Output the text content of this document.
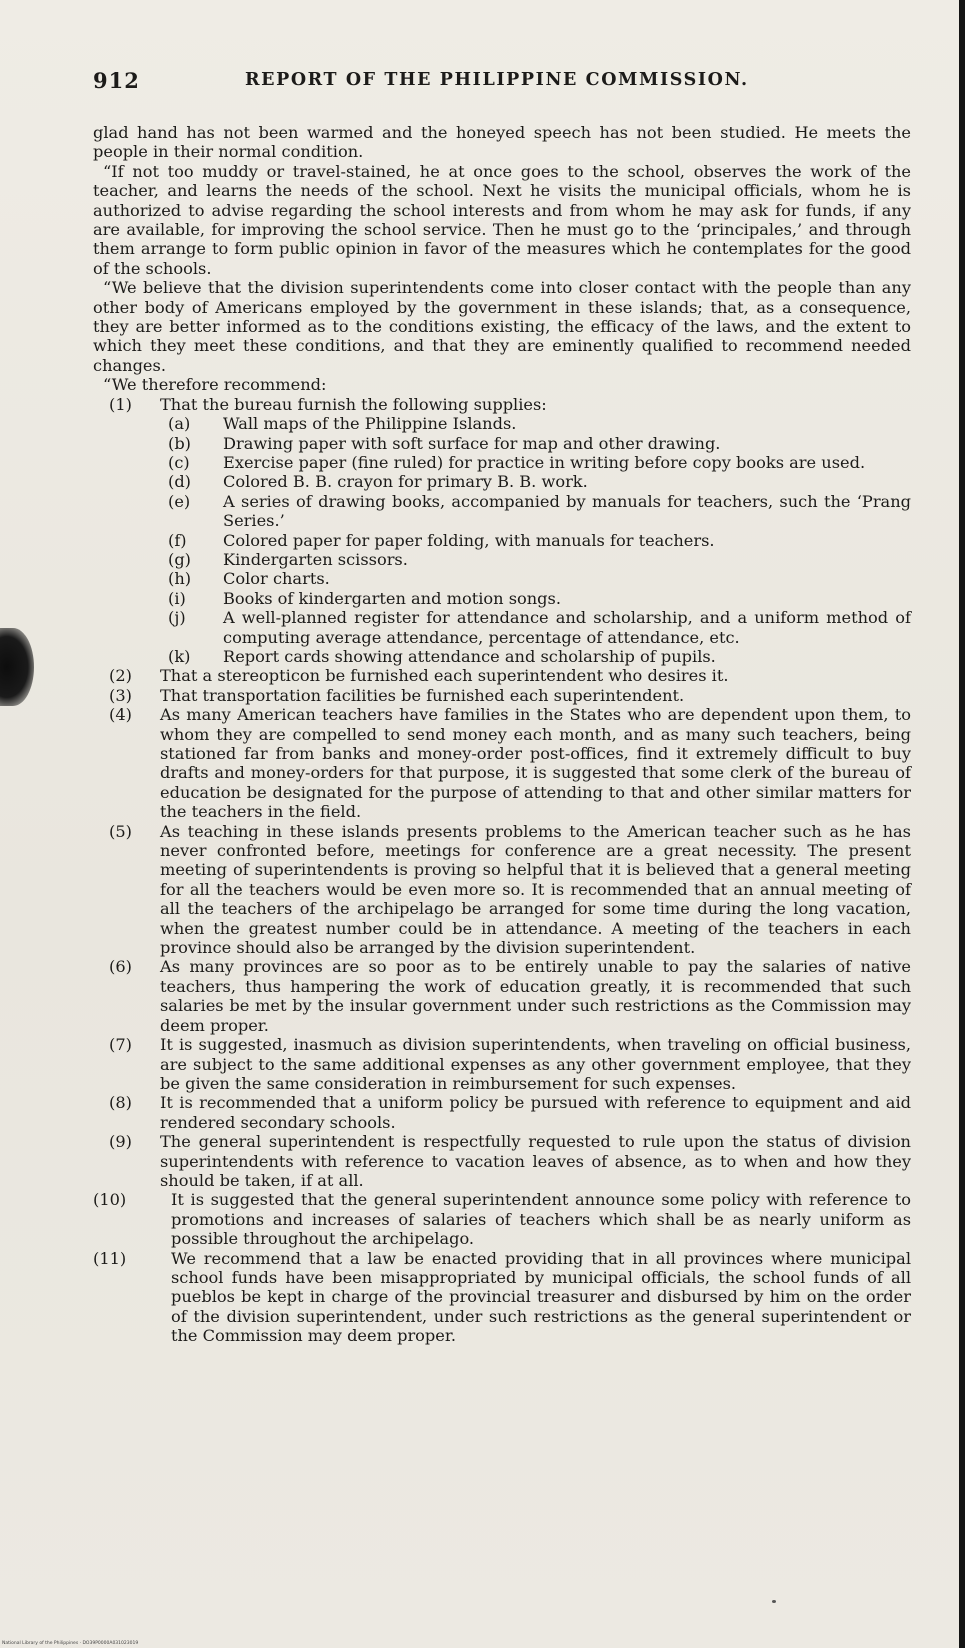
912	REPORT OF THE PHILIPPINE COMMISSION.

glad hand has not been warmed and the honeyed speech has not been studied. He meets the people in their normal condition.

“If not too muddy or travel-stained, he at once goes to the school, observes the work of the teacher, and learns the needs of the school. Next he visits the municipal officials, whom he is authorized to advise regarding the school interests and from whom he may ask for funds, if any are available, for improving the school service. Then he must go to the ‘principales,’ and through them arrange to form public opinion in favor of the measures which he contemplates for the good of the schools.

“We believe that the division superintendents come into closer contact with the people than any other body of Americans employed by the government in these islands; that, as a consequence, they are better informed as to the conditions existing, the efficacy of the laws, and the extent to which they meet these conditions, and that they are eminently qualified to recommend needed changes.

“We therefore recommend:

(1) That the bureau furnish the following supplies:

(a) Wall maps of the Philippine Islands.

(b) Drawing paper with soft surface for map and other drawing.

(c) Exercise paper (fine ruled) for practice in writing before copy books are used.

(d) Colored B. B. crayon for primary B. B. work.

(e) A series of drawing books, accompanied by manuals for teachers, such the ‘Prang Series.’

(f) Colored paper for paper folding, with manuals for teachers.

(g) Kindergarten scissors.

(h) Color charts.

(i) Books of kindergarten and motion songs.

(j) A well-planned register for attendance and scholarship, and a uniform method of computing average attendance, percentage of attendance, etc.

(k) Report cards showing attendance and scholarship of pupils.

(2) That a stereopticon be furnished each superintendent who desires it.

(3) That transportation facilities be furnished each superintendent.

(4) As many American teachers have families in the States who are dependent upon them, to whom they are compelled to send money each month, and as many such teachers, being stationed far from banks and money-order post-offices, find it extremely difficult to buy drafts and money-orders for that purpose, it is suggested that some clerk of the bureau of education be designated for the purpose of attending to that and other similar matters for the teachers in the field.

(5) As teaching in these islands presents problems to the American teacher such as he has never confronted before, meetings for conference are a great necessity. The present meeting of superintendents is proving so helpful that it is believed that a general meeting for all the teachers would be even more so. It is recommended that an annual meeting of all the teachers of the archipelago be arranged for some time during the long vacation, when the greatest number could be in attendance. A meeting of the teachers in each province should also be arranged by the division superintendent.

(6) As many provinces are so poor as to be entirely unable to pay the salaries of native teachers, thus hampering the work of education greatly, it is recommended that such salaries be met by the insular government under such restrictions as the Commission may deem proper.

(7) It is suggested, inasmuch as division superintendents, when traveling on official business, are subject to the same additional expenses as any other government employee, that they be given the same consideration in reimbursement for such expenses.

(8) It is recommended that a uniform policy be pursued with reference to equipment and aid rendered secondary schools.

(9) The general superintendent is respectfully requested to rule upon the status of division superintendents with reference to vacation leaves of absence, as to when and how they should be taken, if at all.

(10)	It is suggested that the general superintendent announce some policy with reference to promotions and increases of salaries of teachers which shall be as nearly uniform as possible throughout the archipelago.

(11)	We recommend that a law be enacted providing that in all provinces where municipal school funds have been misappropriated by municipal officials, the school funds of all pueblos be kept in charge of the provincial treasurer and disbursed by him on the order of the division superintendent, under such restrictions as the general superintendent or the Commission may deem proper.

National Library of the Philippines · DO39P0000A031023019
